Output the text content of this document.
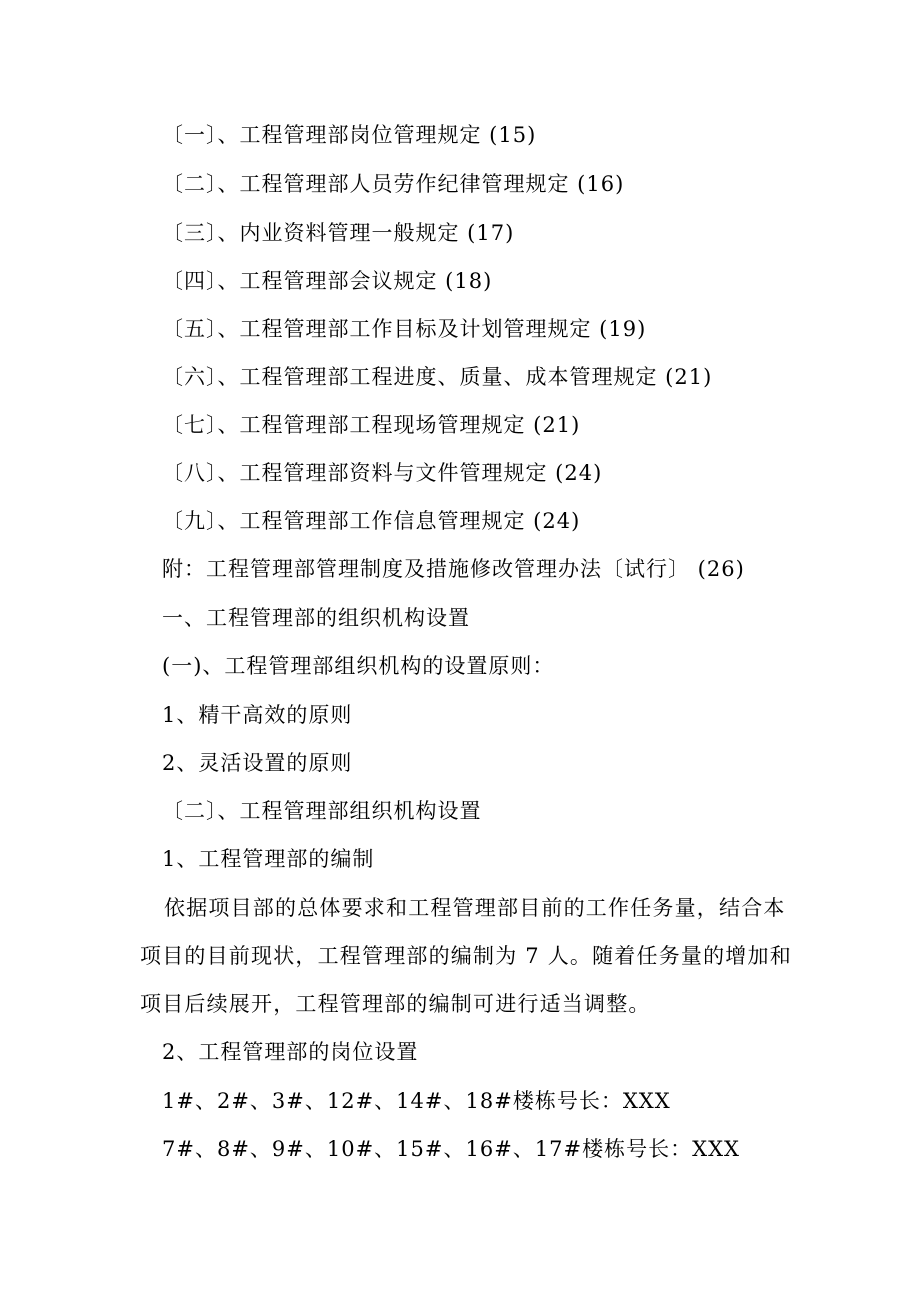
〔一〕、工程管理部岗位管理规定 (15)
〔二〕、工程管理部人员劳作纪律管理规定 (16)
〔三〕、内业资料管理一般规定 (17)
〔四〕、工程管理部会议规定 (18)
〔五〕、工程管理部工作目标及计划管理规定 (19)
〔六〕、工程管理部工程进度、质量、成本管理规定 (21)
〔七〕、工程管理部工程现场管理规定 (21)
〔八〕、工程管理部资料与文件管理规定 (24)
〔九〕、工程管理部工作信息管理规定 (24)
附：工程管理部管理制度及措施修改管理办法〔试行〕 (26)
一、工程管理部的组织机构设置
(一)、工程管理部组织机构的设置原则：
1、精干高效的原则
2、灵活设置的原则
〔二〕、工程管理部组织机构设置
1、工程管理部的编制
依据项目部的总体要求和工程管理部目前的工作任务量，结合本项目的目前现状，工程管理部的编制为 7 人。随着任务量的增加和项目后续展开，工程管理部的编制可进行适当调整。
2、工程管理部的岗位设置
1#、2#、3#、12#、14#、18#楼栋号长：XXX
7#、8#、9#、10#、15#、16#、17#楼栋号长：XXX
